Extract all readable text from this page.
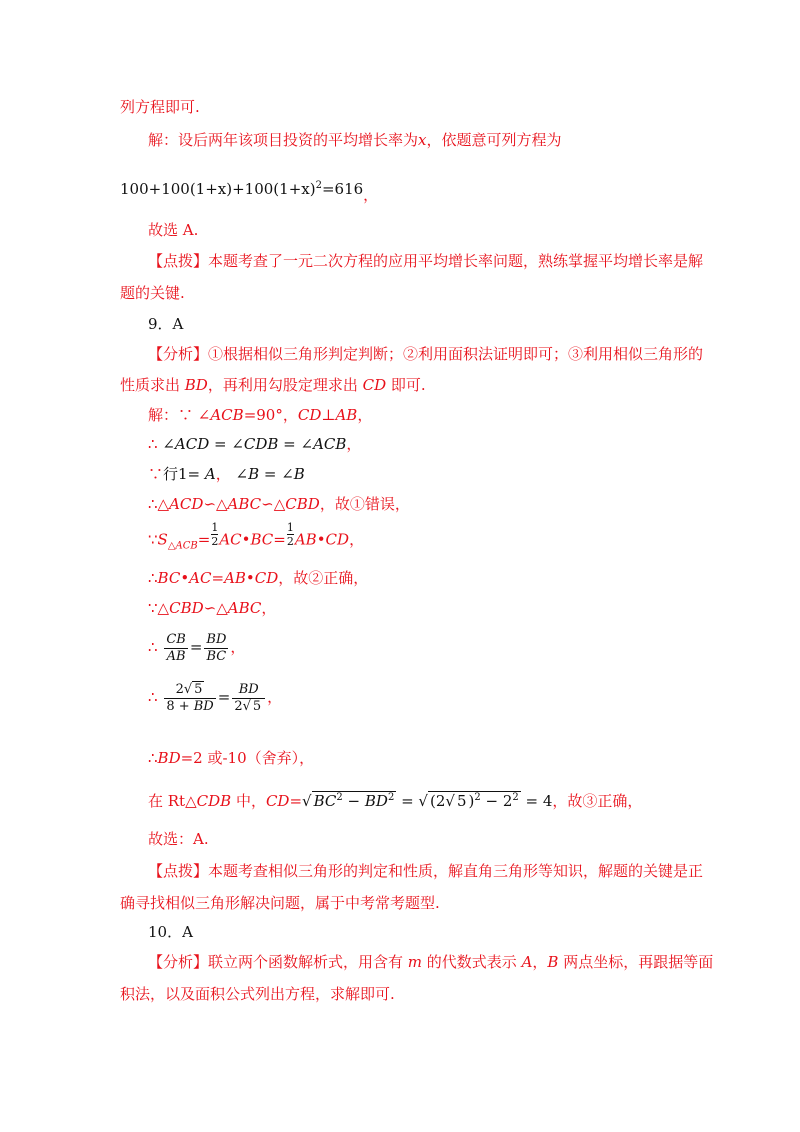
列方程即可.
解：设后两年该项目投资的平均增长率为x，依题意可列方程为
$100+100(1+x)+100(1+x)^2=616$，
故选 A.
【点拨】本题考查了一元二次方程的应用平均增长率问题，熟练掌握平均增长率是解
题的关键.
9．A
【分析】①根据相似三角形判定判断；②利用面积法证明即可；③利用相似三角形的
性质求出 BD，再利用勾股定理求出 CD 即可.
解：∵ ∠ACB=90°，CD⊥AB，
∴ ∠ACD = ∠CDB = ∠ACB，
∵行1= A， ∠B = ∠B
∴△ACD∽△ABC∽△CBD，故①错误，
$\because S_{\triangle ACB}=$ $\frac{1}{2}AC•BC=$ $\frac{1}{2}AB•CD$，
∴BC•AC=AB•CD，故②正确，
∵△CBD∽△ABC，
∴ $\frac{CB}{AB} = \frac{BD}{BC}$ ，
∴ $\frac{2√ 5}{8 + BD} = \frac{BD}{2√ 5}$ ，
∴BD=2 或-10（舍弃），
在 Rt△CDB 中，CD=√ $BC^2 - BD^2$ = √ (2√ 5 )$^2 - 2^2 = 4$，故③正确，
故选：A.
【点拨】本题考查相似三角形的判定和性质，解直角三角形等知识，解题的关键是正
确寻找相似三角形解决问题，属于中考常考题型.
10．A
【分析】联立两个函数解析式，用含有 m 的代数式表示 A，B 两点坐标，再跟据等面
积法，以及面积公式列出方程，求解即可.
